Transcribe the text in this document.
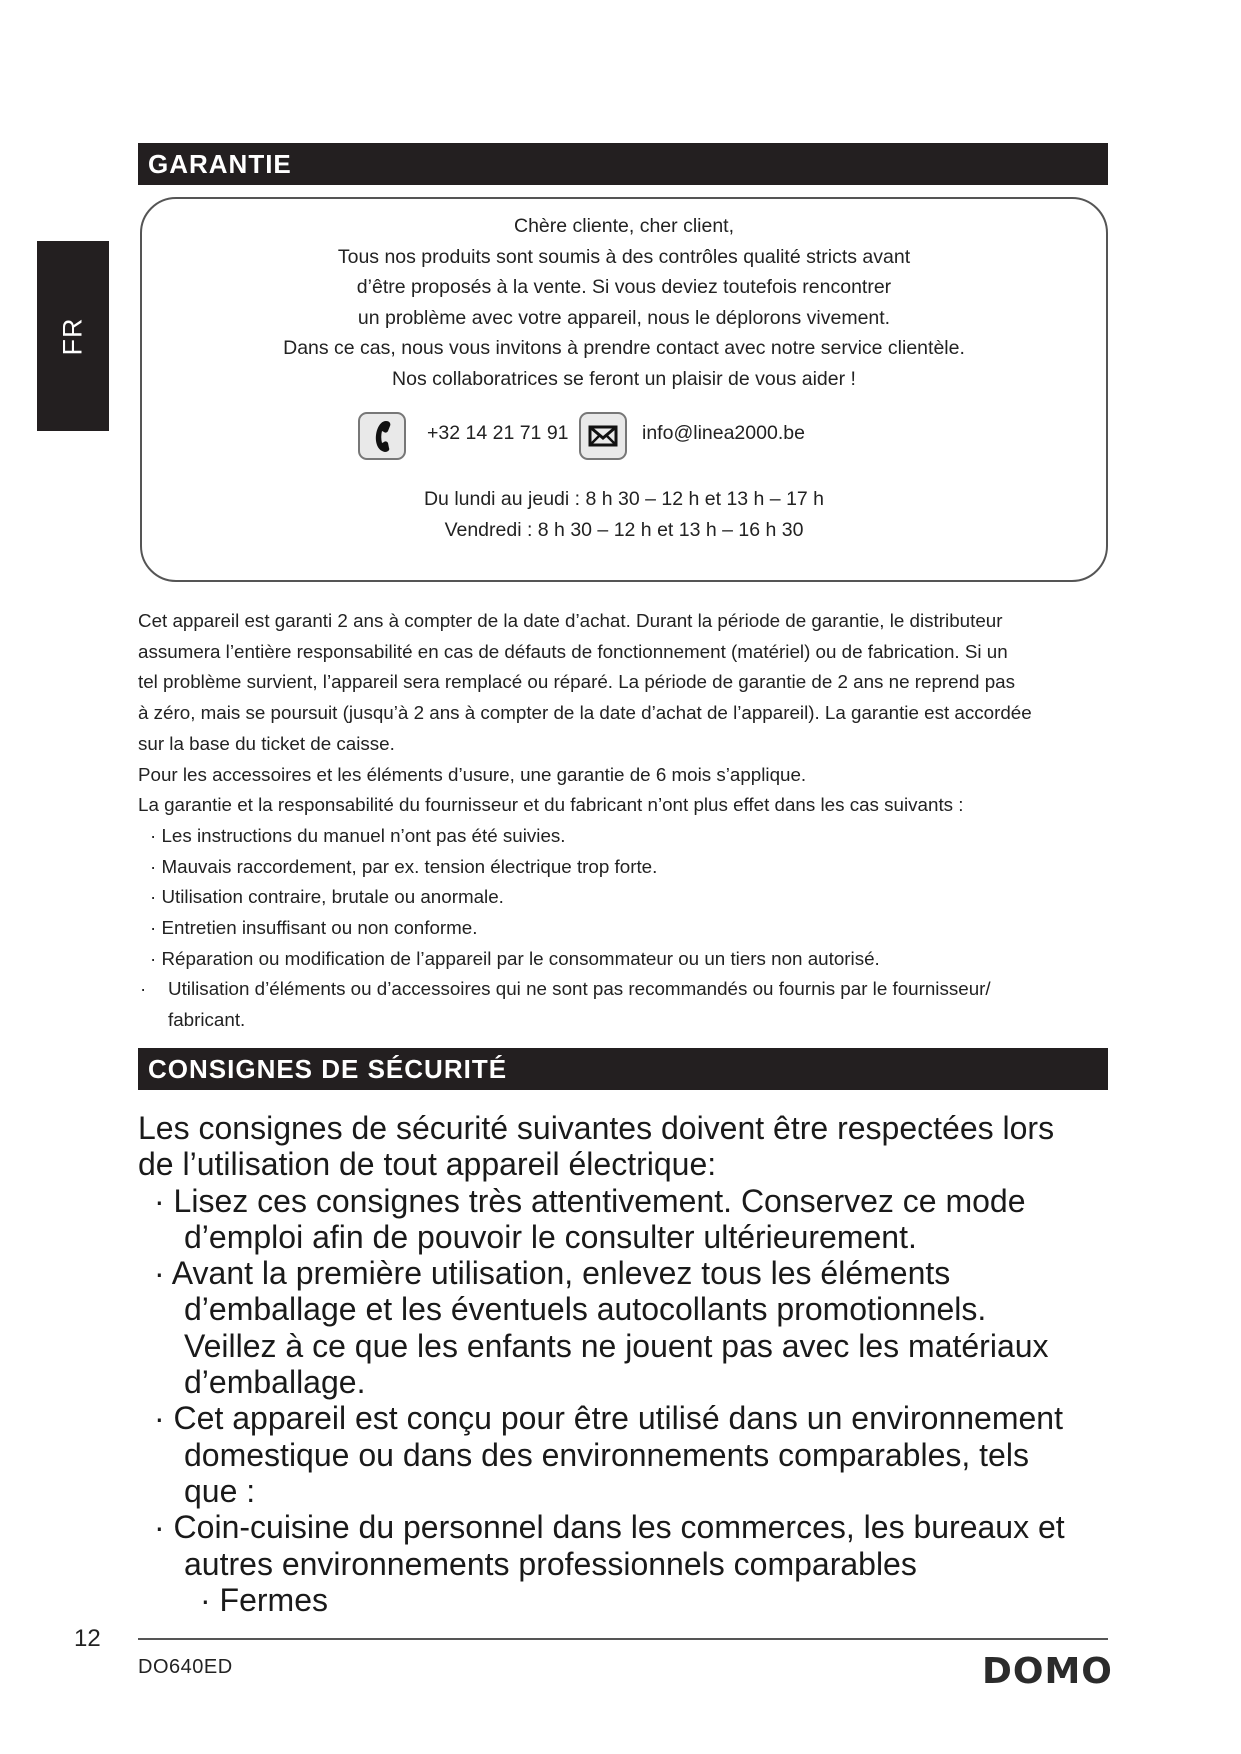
FR
GARANTIE
Chère cliente, cher client,
Tous nos produits sont soumis à des contrôles qualité stricts avant
d’être proposés à la vente. Si vous deviez toutefois rencontrer
un problème avec votre appareil, nous le déplorons vivement.
Dans ce cas, nous vous invitons à prendre contact avec notre service clientèle.
Nos collaboratrices se feront un plaisir de vous aider !
+32 14 21 71 91	info@linea2000.be
Du lundi au jeudi : 8 h 30 – 12 h et 13 h – 17 h
Vendredi : 8 h 30 – 12 h et 13 h – 16 h 30

Cet appareil est garanti 2 ans à compter de la date d’achat. Durant la période de garantie, le distributeur

assumera l’entière responsabilité en cas de défauts de fonctionnement (matériel) ou de fabrication. Si un

tel problème survient, l’appareil sera remplacé ou réparé. La période de garantie de 2 ans ne reprend pas

à zéro, mais se poursuit (jusqu’à 2 ans à compter de la date d’achat de l’appareil). La garantie est accordée

sur la base du ticket de caisse.

Pour les accessoires et les éléments d’usure, une garantie de 6 mois s’applique.

La garantie et la responsabilité du fournisseur et du fabricant n’ont plus effet dans les cas suivants :

· Les instructions du manuel n’ont pas été suivies.

· Mauvais raccordement, par ex. tension électrique trop forte.

· Utilisation contraire, brutale ou anormale.

· Entretien insuffisant ou non conforme.

· Réparation ou modification de l’appareil par le consommateur ou un tiers non autorisé.

· Utilisation d’éléments ou d’accessoires qui ne sont pas recommandés ou fournis par le fournisseur/

fabricant.

CONSIGNES DE SÉCURITÉ

Les consignes de sécurité suivantes doivent être respectées lors

de l’utilisation de tout appareil électrique:

· Lisez ces consignes très attentivement. Conservez ce mode
d’emploi afin de pouvoir le consulter ultérieurement.
· Avant la première utilisation, enlevez tous les éléments
d’emballage et les éventuels autocollants promotionnels.
Veillez à ce que les enfants ne jouent pas avec les matériaux
d’emballage.
· Cet appareil est conçu pour être utilisé dans un environnement
domestique ou dans des environnements comparables, tels
que :
· Coin-cuisine du personnel dans les commerces, les bureaux et
autres environnements professionnels comparables
· Fermes
12
DO640ED	DOMO
